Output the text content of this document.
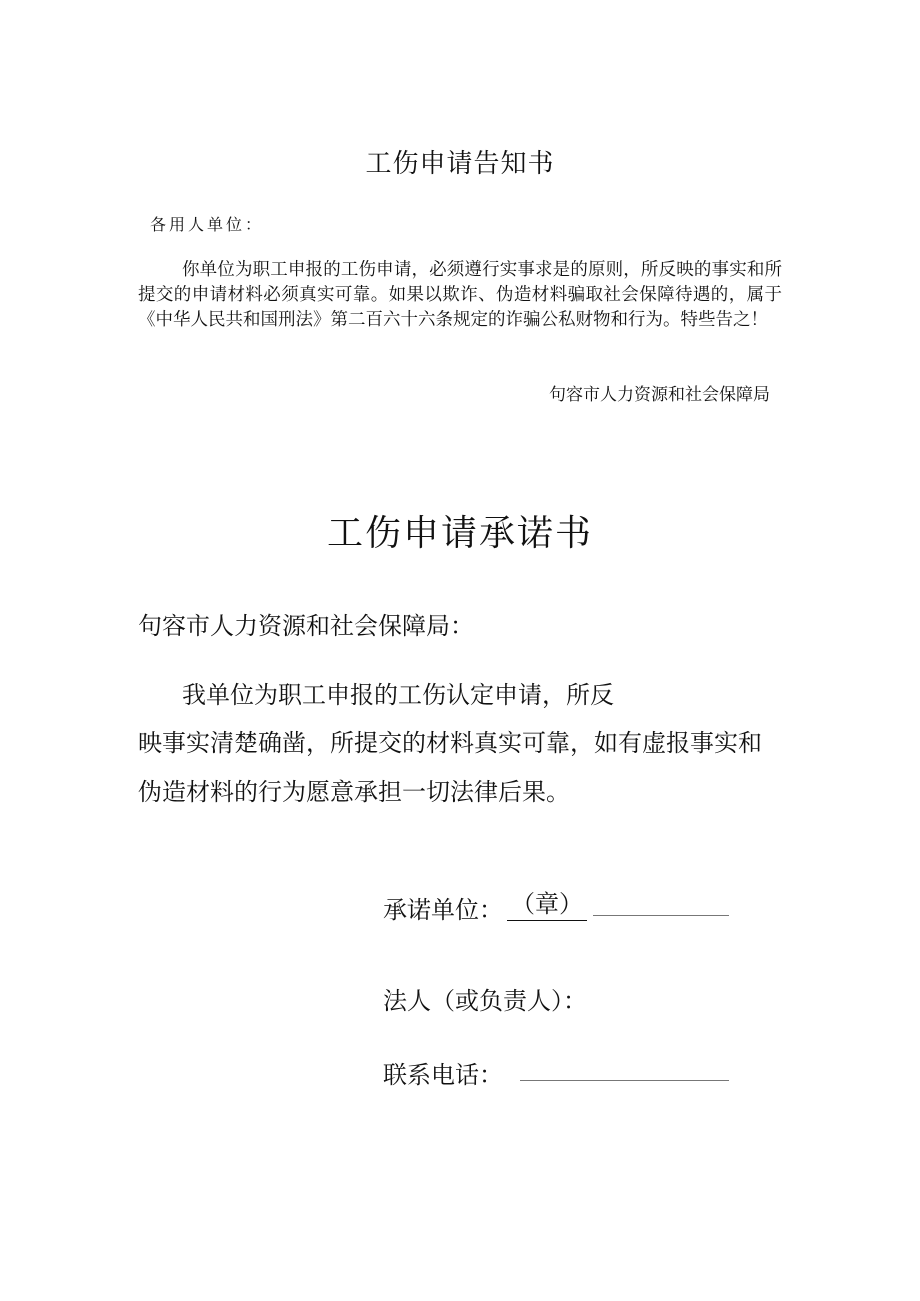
工伤申请告知书
各用人单位：

你单位为职工申报的工伤申请，必须遵行实事求是的原则，所反映的事实和所提交的申请材料必须真实可靠。如果以欺诈、伪造材料骗取社会保障待遇的，属于《中华人民共和国刑法》第二百六十六条规定的诈骗公私财物和行为。特些告之！

句容市人力资源和社会保障局
工伤申请承诺书
句容市人力资源和社会保障局：
我单位为职工申报的工伤认定申请，所反
映事实清楚确凿，所提交的材料真实可靠，如有虚报事实和
伪造材料的行为愿意承担一切法律后果。
承诺单位： （章）
法人（或负责人）：
联系电话：
